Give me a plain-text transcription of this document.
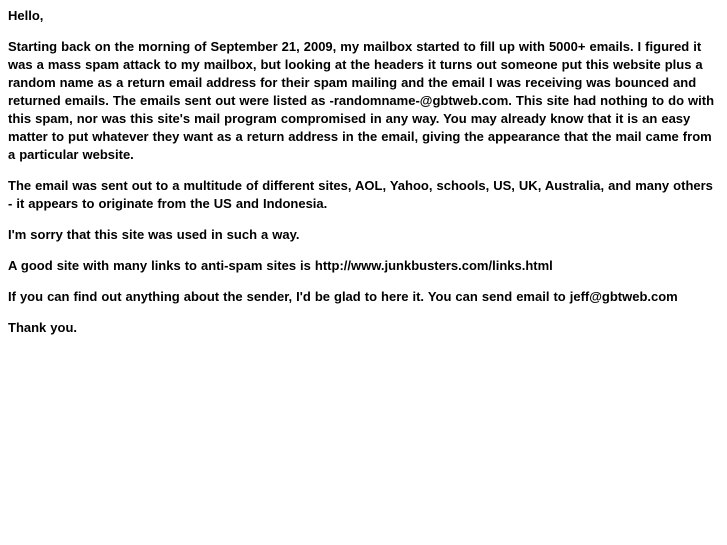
Hello,

Starting back on the morning of September 21, 2009, my mailbox started to fill up with 5000+ emails. I figured it was a mass spam attack to my mailbox, but looking at the headers it turns out someone put this website plus a random name as a return email address for their spam mailing and the email I was receiving was bounced and returned emails. The emails sent out were listed as -randomname-@gbtweb.com. This site had nothing to do with this spam, nor was this site's mail program compromised in any way. You may already know that it is an easy matter to put whatever they want as a return address in the email, giving the appearance that the mail came from a particular website.

The email was sent out to a multitude of different sites, AOL, Yahoo, schools, US, UK, Australia, and many others - it appears to originate from the US and Indonesia.

I'm sorry that this site was used in such a way.

A good site with many links to anti-spam sites is http://www.junkbusters.com/links.html

If you can find out anything about the sender, I'd be glad to here it. You can send email to jeff@gbtweb.com

Thank you.
